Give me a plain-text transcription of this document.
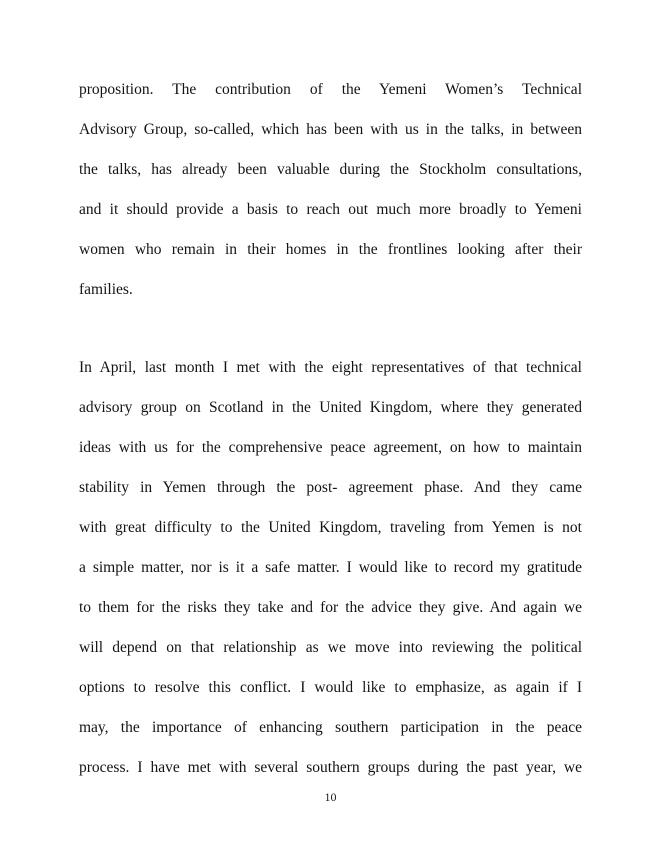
proposition. The contribution of the Yemeni Women’s Technical
Advisory Group, so-called, which has been with us in the talks, in between
the talks, has already been valuable during the Stockholm consultations,
and it should provide a basis to reach out much more broadly to Yemeni
women who remain in their homes in the frontlines looking after their
families.
In April, last month I met with the eight representatives of that technical
advisory group on Scotland in the United Kingdom, where they generated
ideas with us for the comprehensive peace agreement, on how to maintain
stability in Yemen through the post- agreement phase. And they came
with great difficulty to the United Kingdom, traveling from Yemen is not
a simple matter, nor is it a safe matter. I would like to record my gratitude
to them for the risks they take and for the advice they give. And again we
will depend on that relationship as we move into reviewing the political
options to resolve this conflict. I would like to emphasize, as again if I
may, the importance of enhancing southern participation in the peace
process. I have met with several southern groups during the past year, we
10
